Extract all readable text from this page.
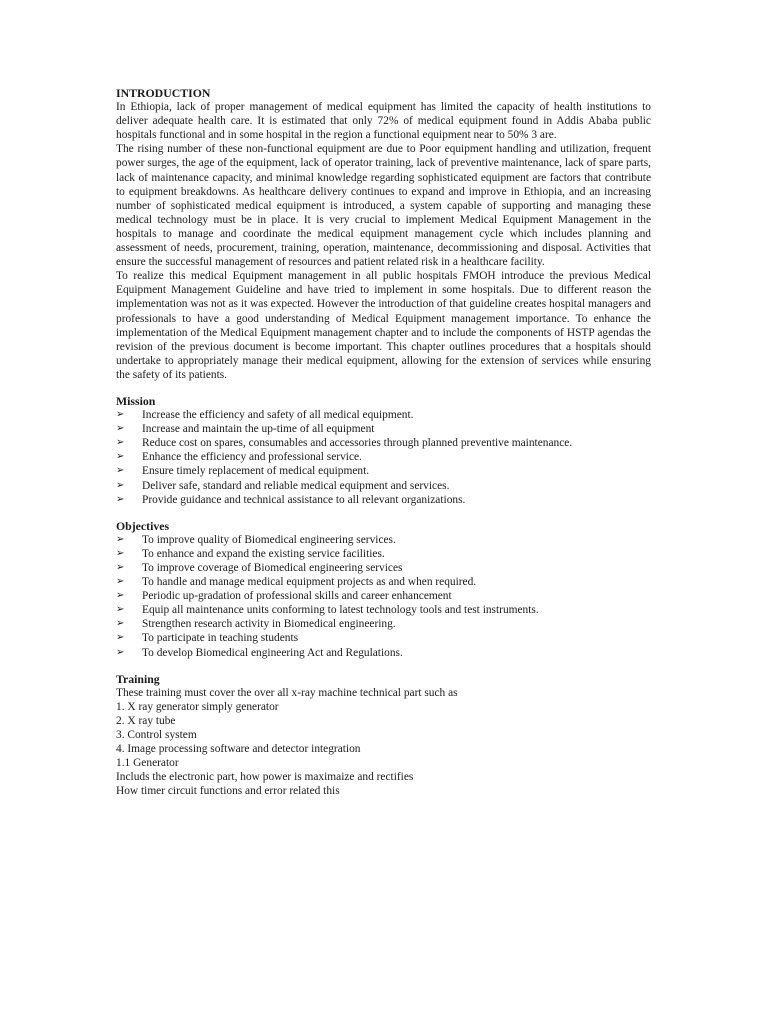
INTRODUCTION

In Ethiopia, lack of proper management of medical equipment has limited the capacity of health institutions to deliver adequate health care. It is estimated that only 72% of medical equipment found in Addis Ababa public hospitals functional and in some hospital in the region a functional equipment near to 50% 3 are.

The rising number of these non-functional equipment are due to Poor equipment handling and utilization, frequent power surges, the age of the equipment, lack of operator training, lack of preventive maintenance, lack of spare parts, lack of maintenance capacity, and minimal knowledge regarding sophisticated equipment are factors that contribute to equipment breakdowns. As healthcare delivery continues to expand and improve in Ethiopia, and an increasing number of sophisticated medical equipment is introduced, a system capable of supporting and managing these medical technology must be in place. It is very crucial to implement Medical Equipment Management in the hospitals to manage and coordinate the medical equipment management cycle which includes planning and assessment of needs, procurement, training, operation, maintenance, decommissioning and disposal. Activities that ensure the successful management of resources and patient related risk in a healthcare facility.

To realize this medical Equipment management in all public hospitals FMOH introduce the previous Medical Equipment Management Guideline and have tried to implement in some hospitals. Due to different reason the implementation was not as it was expected. However the introduction of that guideline creates hospital managers and professionals to have a good understanding of Medical Equipment management importance. To enhance the implementation of the Medical Equipment management chapter and to include the components of HSTP agendas the revision of the previous document is become important. This chapter outlines procedures that a hospitals should undertake to appropriately manage their medical equipment, allowing for the extension of services while ensuring the safety of its patients.

Mission

➢ Increase the efficiency and safety of all medical equipment.
➢ Increase and maintain the up-time of all equipment
➢ Reduce cost on spares, consumables and accessories through planned preventive maintenance.
➢ Enhance the efficiency and professional service.
➢ Ensure timely replacement of medical equipment.
➢ Deliver safe, standard and reliable medical equipment and services.
➢ Provide guidance and technical assistance to all relevant organizations.

Objectives

➢ To improve quality of Biomedical engineering services.
➢ To enhance and expand the existing service facilities.
➢ To improve coverage of Biomedical engineering services
➢ To handle and manage medical equipment projects as and when required.
➢ Periodic up-gradation of professional skills and career enhancement
➢ Equip all maintenance units conforming to latest technology tools and test instruments.
➢ Strengthen research activity in Biomedical engineering.
➢ To participate in teaching students
➢ To develop Biomedical engineering Act and Regulations.

Training

These training must cover the over all x-ray machine technical part such as

1. X ray generator simply generator

2. X ray tube

3. Control system

4. Image processing software and detector integration

1.1 Generator

Includs the electronic part, how power is maximaize and rectifies

How timer circuit functions and error related this
